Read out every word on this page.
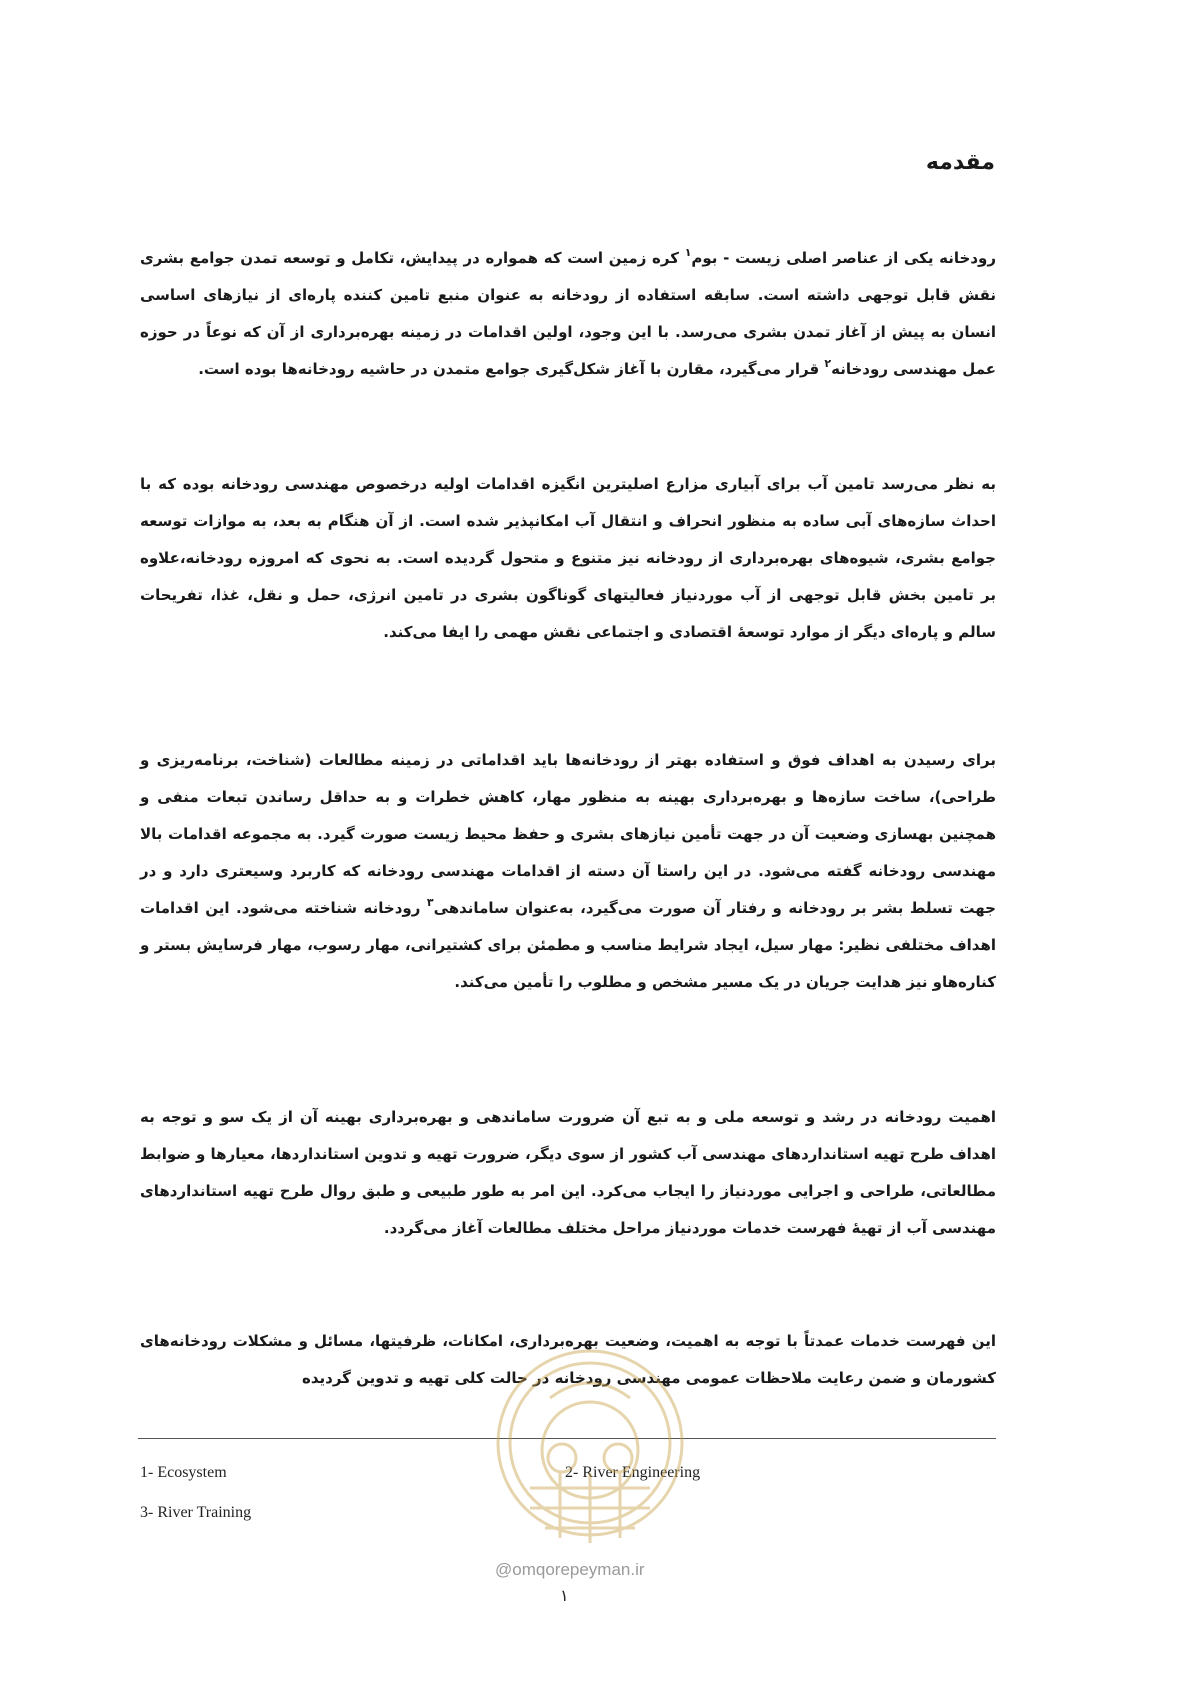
مقدمه

رودخانه یکی از عناصر اصلی زیست - بوم$^۱$ کره زمین است که همواره در پیدایش، تکامل و توسعه تمدن جوامع بشری نقش قابل توجهی داشته است. سابقه استفاده از رودخانه به عنوان منبع تامین کننده پاره‌ای از نیازهای اساسی انسان به پیش از آغاز تمدن بشری می‌رسد. با این وجود، اولین اقدامات در زمینه بهره‌برداری از آن که نوعاً در حوزه عمل مهندسی رودخانه$^۲$ قرار می‌گیرد، مقارن با آغاز شکل‌گیری جوامع متمدن در حاشیه رودخانه‌ها بوده است.

به نظر می‌رسد تامین آب برای آبیاری مزارع اصلیترین انگیزه اقدامات اولیه درخصوص مهندسی رودخانه بوده که با احداث سازه‌های آبی ساده به منظور انحراف و انتقال آب امکانپذیر شده است. از آن هنگام به بعد، به موازات توسعه جوامع بشری، شیوه‌های بهره‌برداری از رودخانه نیز متنوع و متحول گردیده است. به نحوی که امروزه رودخانه،علاوه بر تامین بخش قابل توجهی از آب موردنیاز فعالیتهای گوناگون بشری در تامین انرژی، حمل و نقل، غذا، تفریحات سالم و پاره‌ای دیگر از موارد توسعهٔ اقتصادی و اجتماعی نقش مهمی را ایفا می‌کند.

برای رسیدن به اهداف فوق و استفاده بهتر از رودخانه‌ها باید اقداماتی در زمینه مطالعات (شناخت، برنامه‌ریزی و طراحی)، ساخت سازه‌ها و بهره‌برداری بهینه به منظور مهار، کاهش خطرات و به حداقل رساندن تبعات منفی و همچنین بهسازی وضعیت آن در جهت تأمین نیازهای بشری و حفظ محیط زیست صورت گیرد. به مجموعه اقدامات بالا مهندسی رودخانه گفته می‌شود. در این راستا آن دسته از اقدامات مهندسی رودخانه که کاربرد وسیعتری دارد و در جهت تسلط بشر بر رودخانه و رفتار آن صورت می‌گیرد، به‌عنوان ساماندهی$^۳$ رودخانه شناخته می‌شود. این اقدامات اهداف مختلفی نظیر: مهار سیل، ایجاد شرایط مناسب و مطمئن برای کشتیرانی، مهار رسوب، مهار فرسایش بستر و کناره‌هاو نیز هدایت جریان در یک مسیر مشخص و مطلوب را تأمین می‌کند.

اهمیت رودخانه در رشد و توسعه ملی و به تبع آن ضرورت ساماندهی و بهره‌برداری بهینه آن از یک سو و توجه به اهداف طرح تهیه استانداردهای مهندسی آب کشور از سوی دیگر، ضرورت تهیه و تدوین استانداردها، معیارها و ضوابط مطالعاتی، طراحی و اجرایی موردنیاز را ایجاب می‌کرد. این امر به طور طبیعی و طبق روال طرح تهیه استانداردهای مهندسی آب از تهیهٔ فهرست خدمات موردنیاز مراحل مختلف مطالعات آغاز می‌گردد.

این فهرست خدمات عمدتاً با توجه به اهمیت، وضعیت بهره‌برداری، امکانات، ظرفیتها، مسائل و مشکلات رودخانه‌های کشورمان و ضمن رعایت ملاحظات عمومی مهندسی رودخانه در حالت کلی تهیه و تدوین گردیده

1- Ecosystem	2- River Engineering

3- River Training

@omqorepeyman.ir

۱
